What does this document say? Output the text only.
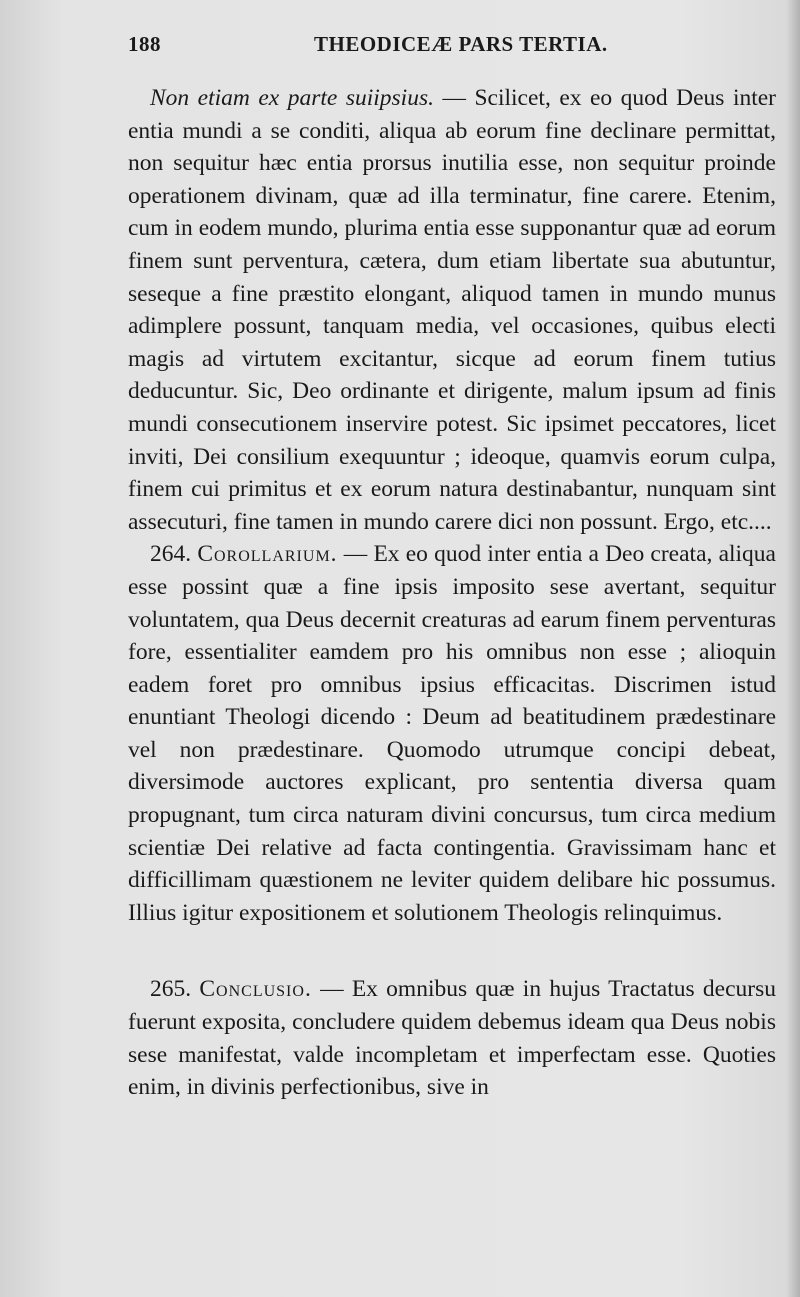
188	THEODICEÆ PARS TERTIA.

Non etiam ex parte suiipsius. — Scilicet, ex eo quod Deus inter entia mundi a se conditi, aliqua ab eorum fine declinare permittat, non sequitur hæc entia prorsus inutilia esse, non sequitur proinde operationem divinam, quæ ad illa terminatur, fine carere. Etenim, cum in eodem mundo, plurima entia esse supponantur quæ ad eorum finem sunt perventura, cætera, dum etiam libertate sua abutuntur, seseque a fine præstito elongant, aliquod tamen in mundo munus adimplere possunt, tanquam media, vel occasiones, quibus electi magis ad virtutem excitantur, sicque ad eorum finem tutius deducuntur. Sic, Deo ordinante et dirigente, malum ipsum ad finis mundi consecutionem inservire potest. Sic ipsimet peccatores, licet inviti, Dei consilium exequuntur ; ideoque, quamvis eorum culpa, finem cui primitus et ex eorum natura destinabantur, nunquam sint assecuturi, fine tamen in mundo carere dici non possunt. Ergo, etc....

264. Corollarium. — Ex eo quod inter entia a Deo creata, aliqua esse possint quæ a fine ipsis imposito sese avertant, sequitur voluntatem, qua Deus decernit creaturas ad earum finem perventuras fore, essentialiter eamdem pro his omnibus non esse ; alioquin eadem foret pro omnibus ipsius efficacitas. Discrimen istud enuntiant Theologi dicendo : Deum ad beatitudinem prædestinare vel non prædestinare. Quomodo utrumque concipi debeat, diversimode auctores explicant, pro sententia diversa quam propugnant, tum circa naturam divini concursus, tum circa medium scientiæ Dei relative ad facta contingentia. Gravissimam hanc et difficillimam quæstionem ne leviter quidem delibare hic possumus. Illius igitur expositionem et solutionem Theologis relinquimus.

265. Conclusio. — Ex omnibus quæ in hujus Tractatus decursu fuerunt exposita, concludere quidem debemus ideam qua Deus nobis sese manifestat, valde incompletam et imperfectam esse. Quoties enim, in divinis perfectionibus, sive in
